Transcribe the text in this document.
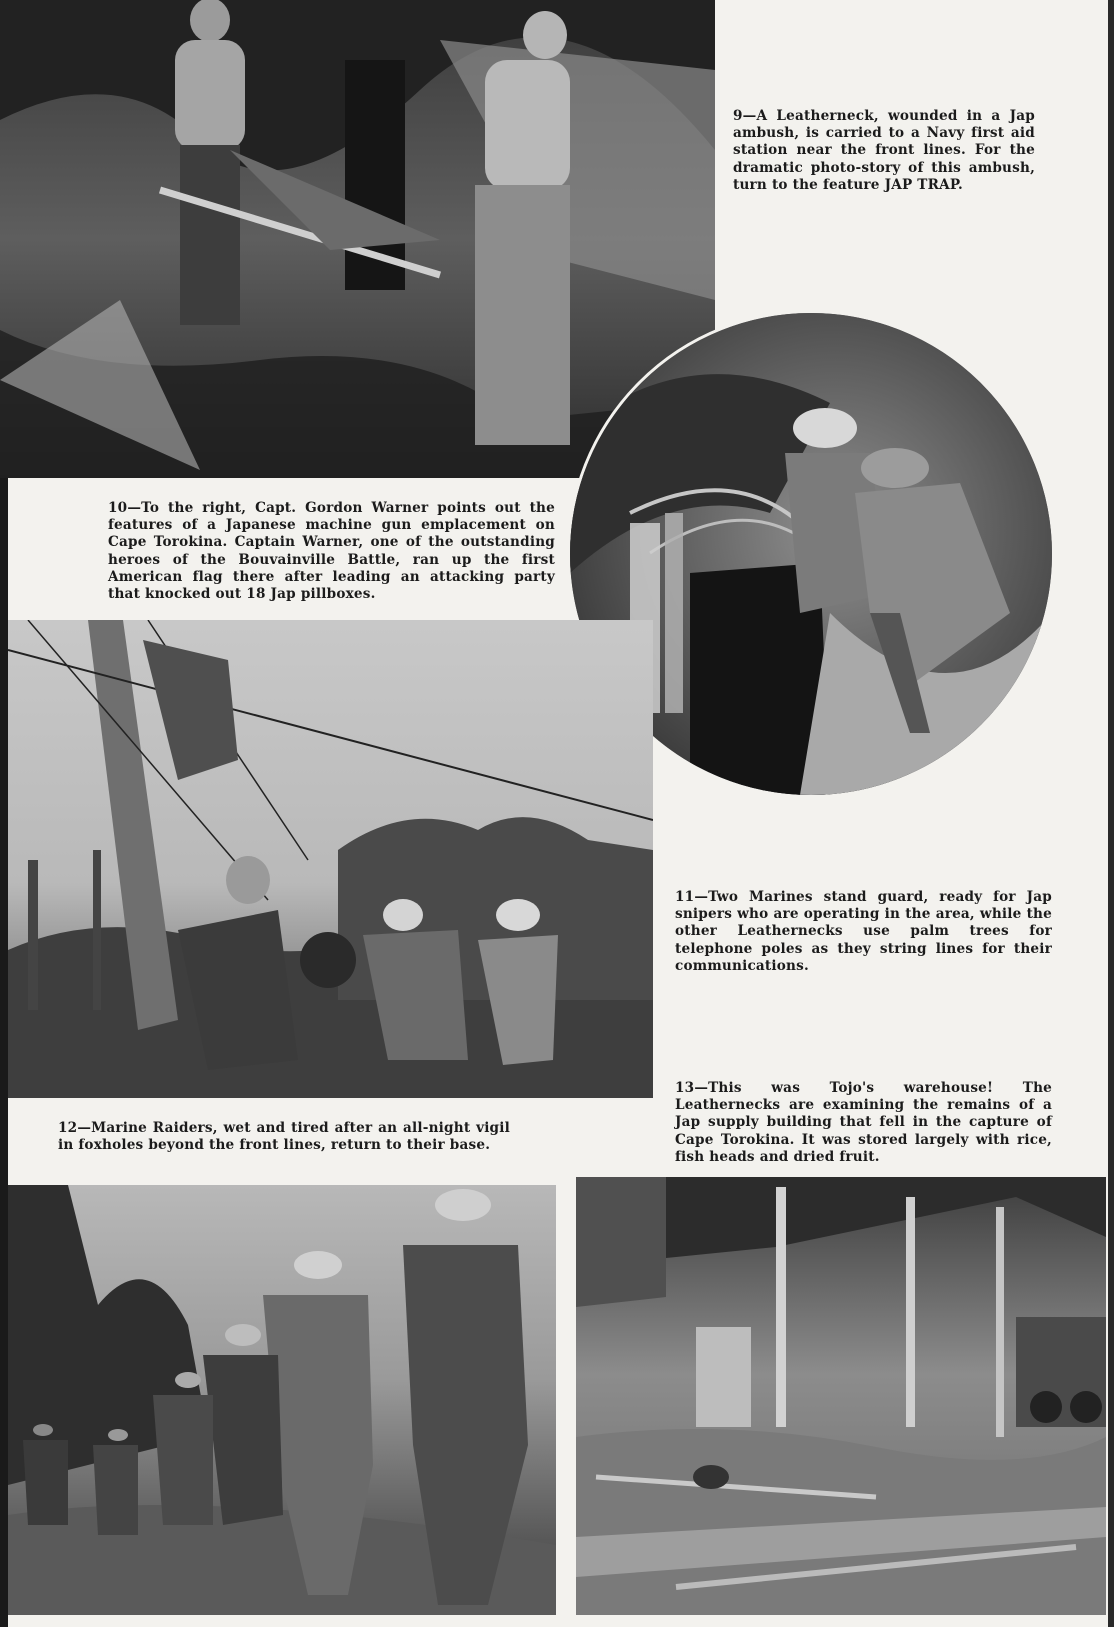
9—A Leatherneck, wounded in a Jap ambush, is carried to a Navy first aid station near the front lines. For the dramatic photo-story of this ambush, turn to the feature JAP TRAP.
10—To the right, Capt. Gordon Warner points out the features of a Japanese machine gun emplacement on Cape Torokina. Captain Warner, one of the outstanding heroes of the Bouvainville Battle, ran up the first American flag there after leading an attacking party that knocked out 18 Jap pillboxes.
11—Two Marines stand guard, ready for Jap snipers who are operating in the area, while the other Leathernecks use palm trees for telephone poles as they string lines for their communications.
13—This was Tojo's warehouse! The Leathernecks are examining the remains of a Jap supply building that fell in the capture of Cape Torokina. It was stored largely with rice, fish heads and dried fruit.
12—Marine Raiders, wet and tired after an all-night vigil in foxholes beyond the front lines, return to their base.
